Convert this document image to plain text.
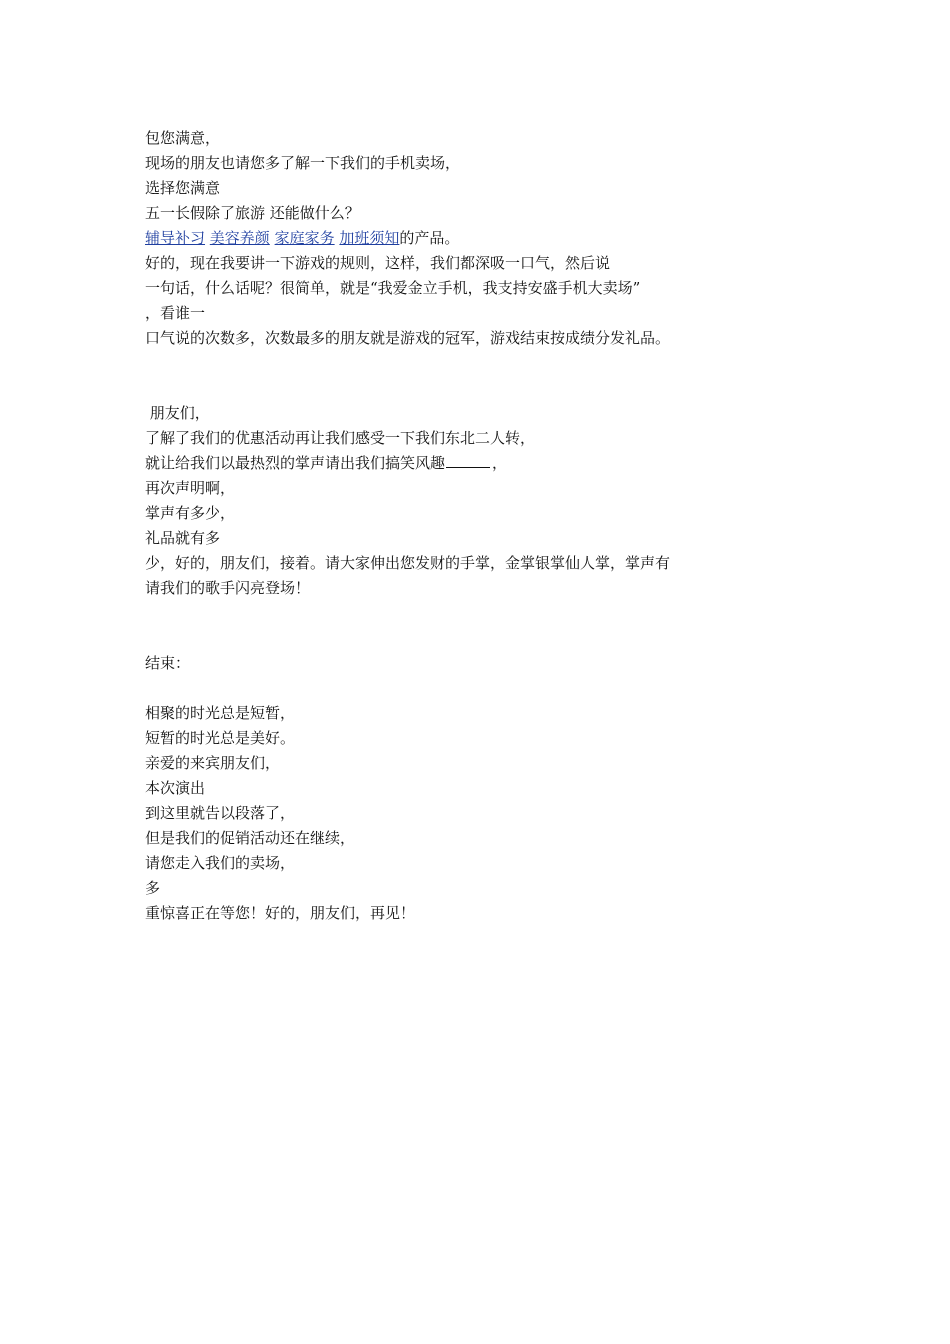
包您满意，
现场的朋友也请您多了解一下我们的手机卖场，
选择您满意
五一长假除了旅游 还能做什么？
辅导补习 美容养颜 家庭家务 加班须知的产品。
好的，现在我要讲一下游戏的规则，这样，我们都深吸一口气，然后说
一句话，什么话呢？很简单，就是“我爱金立手机，我支持安盛手机大卖场”
，看谁一
口气说的次数多，次数最多的朋友就是游戏的冠军，游戏结束按成绩分发礼品。
朋友们，
了解了我们的优惠活动再让我们感受一下我们东北二人转，
就让给我们以最热烈的掌声请出我们搞笑风趣	，
再次声明啊，
掌声有多少，
礼品就有多
少，好的，朋友们，接着。请大家伸出您发财的手掌，金掌银掌仙人掌，掌声有
请我们的歌手闪亮登场！
结束：
相聚的时光总是短暂，
短暂的时光总是美好。
亲爱的来宾朋友们，
本次演出
到这里就告以段落了，
但是我们的促销活动还在继续，
请您走入我们的卖场，
多
重惊喜正在等您！好的，朋友们，再见！
